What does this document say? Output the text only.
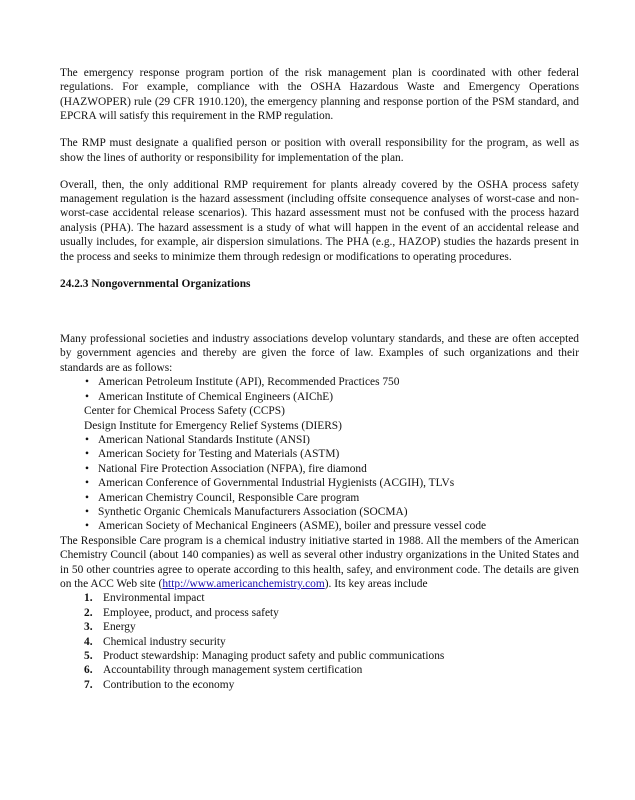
The emergency response program portion of the risk management plan is coordinated with other federal regulations. For example, compliance with the OSHA Hazardous Waste and Emergency Operations (HAZWOPER) rule (29 CFR 1910.120), the emergency planning and response portion of the PSM standard, and EPCRA will satisfy this requirement in the RMP regulation.

The RMP must designate a qualified person or position with overall responsibility for the program, as well as show the lines of authority or responsibility for implementation of the plan.

Overall, then, the only additional RMP requirement for plants already covered by the OSHA process safety management regulation is the hazard assessment (including offsite consequence analyses of worst-case and non-worst-case accidental release scenarios). This hazard assessment must not be confused with the process hazard analysis (PHA). The hazard assessment is a study of what will happen in the event of an accidental release and usually includes, for example, air dispersion simulations. The PHA (e.g., HAZOP) studies the hazards present in the process and seeks to minimize them through redesign or modifications to operating procedures.

24.2.3 Nongovernmental Organizations

Many professional societies and industry associations develop voluntary standards, and these are often accepted by government agencies and thereby are given the force of law. Examples of such organizations and their standards are as follows:

• American Petroleum Institute (API), Recommended Practices 750
• American Institute of Chemical Engineers (AIChE)
Center for Chemical Process Safety (CCPS)
Design Institute for Emergency Relief Systems (DIERS)
• American National Standards Institute (ANSI)
• American Society for Testing and Materials (ASTM)
• National Fire Protection Association (NFPA), fire diamond
• American Conference of Governmental Industrial Hygienists (ACGIH), TLVs
• American Chemistry Council, Responsible Care program
• Synthetic Organic Chemicals Manufacturers Association (SOCMA)
• American Society of Mechanical Engineers (ASME), boiler and pressure vessel code

The Responsible Care program is a chemical industry initiative started in 1988. All the members of the American Chemistry Council (about 140 companies) as well as several other industry organizations in the United States and in 50 other countries agree to operate according to this health, safey, and environment code. The details are given on the ACC Web site (http://www.americanchemistry.com). Its key areas include

1. Environmental impact
2. Employee, product, and process safety
3. Energy
4. Chemical industry security
5. Product stewardship: Managing product safety and public communications
6. Accountability through management system certification
7. Contribution to the economy
